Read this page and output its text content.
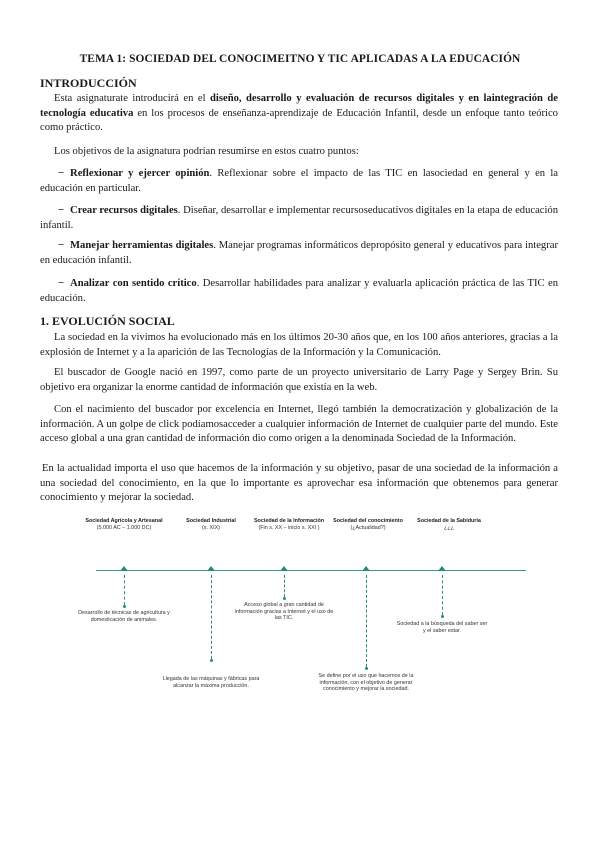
TEMA 1: SOCIEDAD DEL CONOCIMEITNO Y TIC APLICADAS A LA EDUCACIÓN
INTRODUCCIÓN
Esta asignaturate introducirá en el diseño, desarrollo y evaluación de recursos digitales y en laintegración de tecnología educativa en los procesos de enseñanza-aprendizaje de Educación Infantil, desde un enfoque tanto teórico como práctico.
Los objetivos de la asignatura podrían resumirse en estos cuatro puntos:
− Reflexionar y ejercer opinión. Reflexionar sobre el impacto de las TIC en lasociedad en general y en la educación en particular.
− Crear recursos digitales. Diseñar, desarrollar e implementar recursoseducativos digitales en la etapa de educación infantil.
− Manejar herramientas digitales. Manejar programas informáticos depropósito general y educativos para integrar en educación infantil.
− Analizar con sentido crítico. Desarrollar habilidades para analizar y evaluarla aplicación práctica de las TIC en educación.
1. EVOLUCIÓN SOCIAL
La sociedad en la vivimos ha evolucionado más en los últimos 20-30 años que, en los 100 años anteriores, gracias a la explosión de Internet y a la aparición de las Tecnologías de la Información y la Comunicación.
El buscador de Google nació en 1997, como parte de un proyecto universitario de Larry Page y Sergey Brin. Su objetivo era organizar la enorme cantidad de información que existía en la web.
Con el nacimiento del buscador por excelencia en Internet, llegó también la democratización y globalización de la información. A un golpe de click podíamosacceder a cualquier información de Internet de cualquier parte del mundo. Este acceso global a una gran cantidad de información dio como origen a la denominada Sociedad de la Información.
En la actualidad importa el uso que hacemos de la información y su objetivo, pasar de una sociedad de la información a una sociedad del conocimiento, en la que lo importante es aprovechar esa información que obtenemos para generar conocimiento y mejorar la sociedad.
Sociedad Agrícola y Artesanal
(5.000 AC – 1.000 DC)
Sociedad Industrial
(s. XIX)
Sociedad de la Información
(Fin s. XX – inicio s. XXI )
Sociedad del conocimiento
(¿Actualidad?)
Sociedad de la Sabiduría
¿¿¿
Desarrollo de técnicas de agricultura y domesticación de animales.
Llegada de las máquinas y fábricas para alcanzar la máxima producción.
Acceso global a gran cantidad de información gracias a Internet y el uso de las TIC.
Se define por el uso que hacemos de la información, con el objetivo de generar conocimiento y mejorar la sociedad.
Sociedad a la búsqueda del saber ser y el saber estar.
